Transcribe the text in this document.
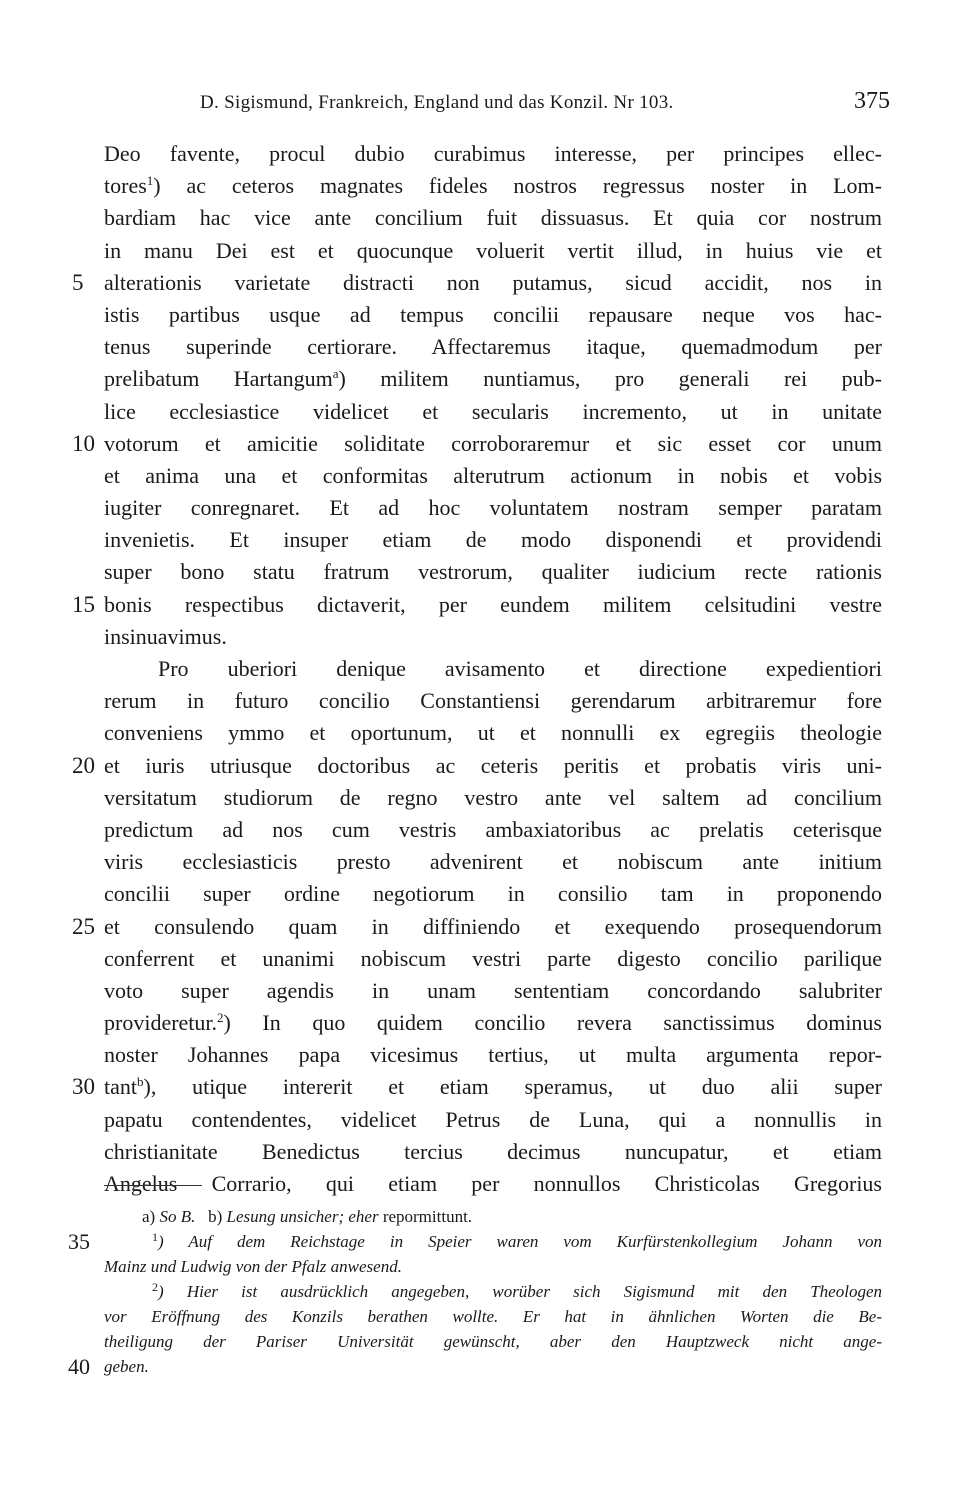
D. Sigismund, Frankreich, England und das Konzil. Nr 103.	375
Deo favente, procul dubio curabimus interesse, per principes ellec-
tores$^1$) ac ceteros magnates fideles nostros regressus noster in Lom-
bardiam hac vice ante concilium fuit dissuasus. Et quia cor nostrum
in manu Dei est et quocunque voluerit vertit illud, in huius vie et
5 alterationis varietate distracti non putamus, sicud accidit, nos in
istis partibus usque ad tempus concilii repausare neque vos hac-
tenus superinde certiorare. Affectaremus itaque, quemadmodum per
prelibatum Hartangum$^a$) militem nuntiamus, pro generali rei pub-
lice ecclesiastice videlicet et secularis incremento, ut in unitate
10 votorum et amicitie soliditate corroboraremur et sic esset cor unum
et anima una et conformitas alterutrum actionum in nobis et vobis
iugiter conregnaret. Et ad hoc voluntatem nostram semper paratam
invenietis. Et insuper etiam de modo disponendi et providendi
super bono statu fratrum vestrorum, qualiter iudicium recte rationis
15 bonis respectibus dictaverit, per eundem militem celsitudini vestre
insinuavimus.
Pro uberiori denique avisamento et directione expedientiori
rerum in futuro concilio Constantiensi gerendarum arbitraremur fore
conveniens ymmo et oportunum, ut et nonnulli ex egregiis theologie
20 et iuris utriusque doctoribus ac ceteris peritis et probatis viris uni-
versitatum studiorum de regno vestro ante vel saltem ad concilium
predictum ad nos cum vestris ambaxiatoribus ac prelatis ceterisque
viris ecclesiasticis presto advenirent et nobiscum ante initium
concilii super ordine negotiorum in consilio tam in proponendo
25 et consulendo quam in diffiniendo et exequendo prosequendorum
conferrent et unanimi nobiscum vestri parte digesto concilio parilique
voto super agendis in unam sententiam concordando salubriter
provideretur.$^2$) In quo quidem concilio revera sanctissimus dominus
noster Johannes papa vicesimus tertius, ut multa argumenta repor-
30 tant$^b$), utique intererit et etiam speramus, ut duo alii super
papatu contendentes, videlicet Petrus de Luna, qui a nonnullis in
christianitate Benedictus tercius decimus nuncupatur, et etiam
Angelus Corrario, qui etiam per nonnullos Christicolas Gregorius
a) So B. b) Lesung unsicher; eher repormittunt.
35	$^1$) Auf dem Reichstage in Speier waren vom Kurfürstenkollegium Johann von
Mainz und Ludwig von der Pfalz anwesend.
$^2$) Hier ist ausdrücklich angegeben, worüber sich Sigismund mit den Theologen
vor Eröffnung des Konzils berathen wollte. Er hat in ähnlichen Worten die Be-
theiligung der Pariser Universität gewünscht, aber den Hauptzweck nicht ange-
40 geben.
